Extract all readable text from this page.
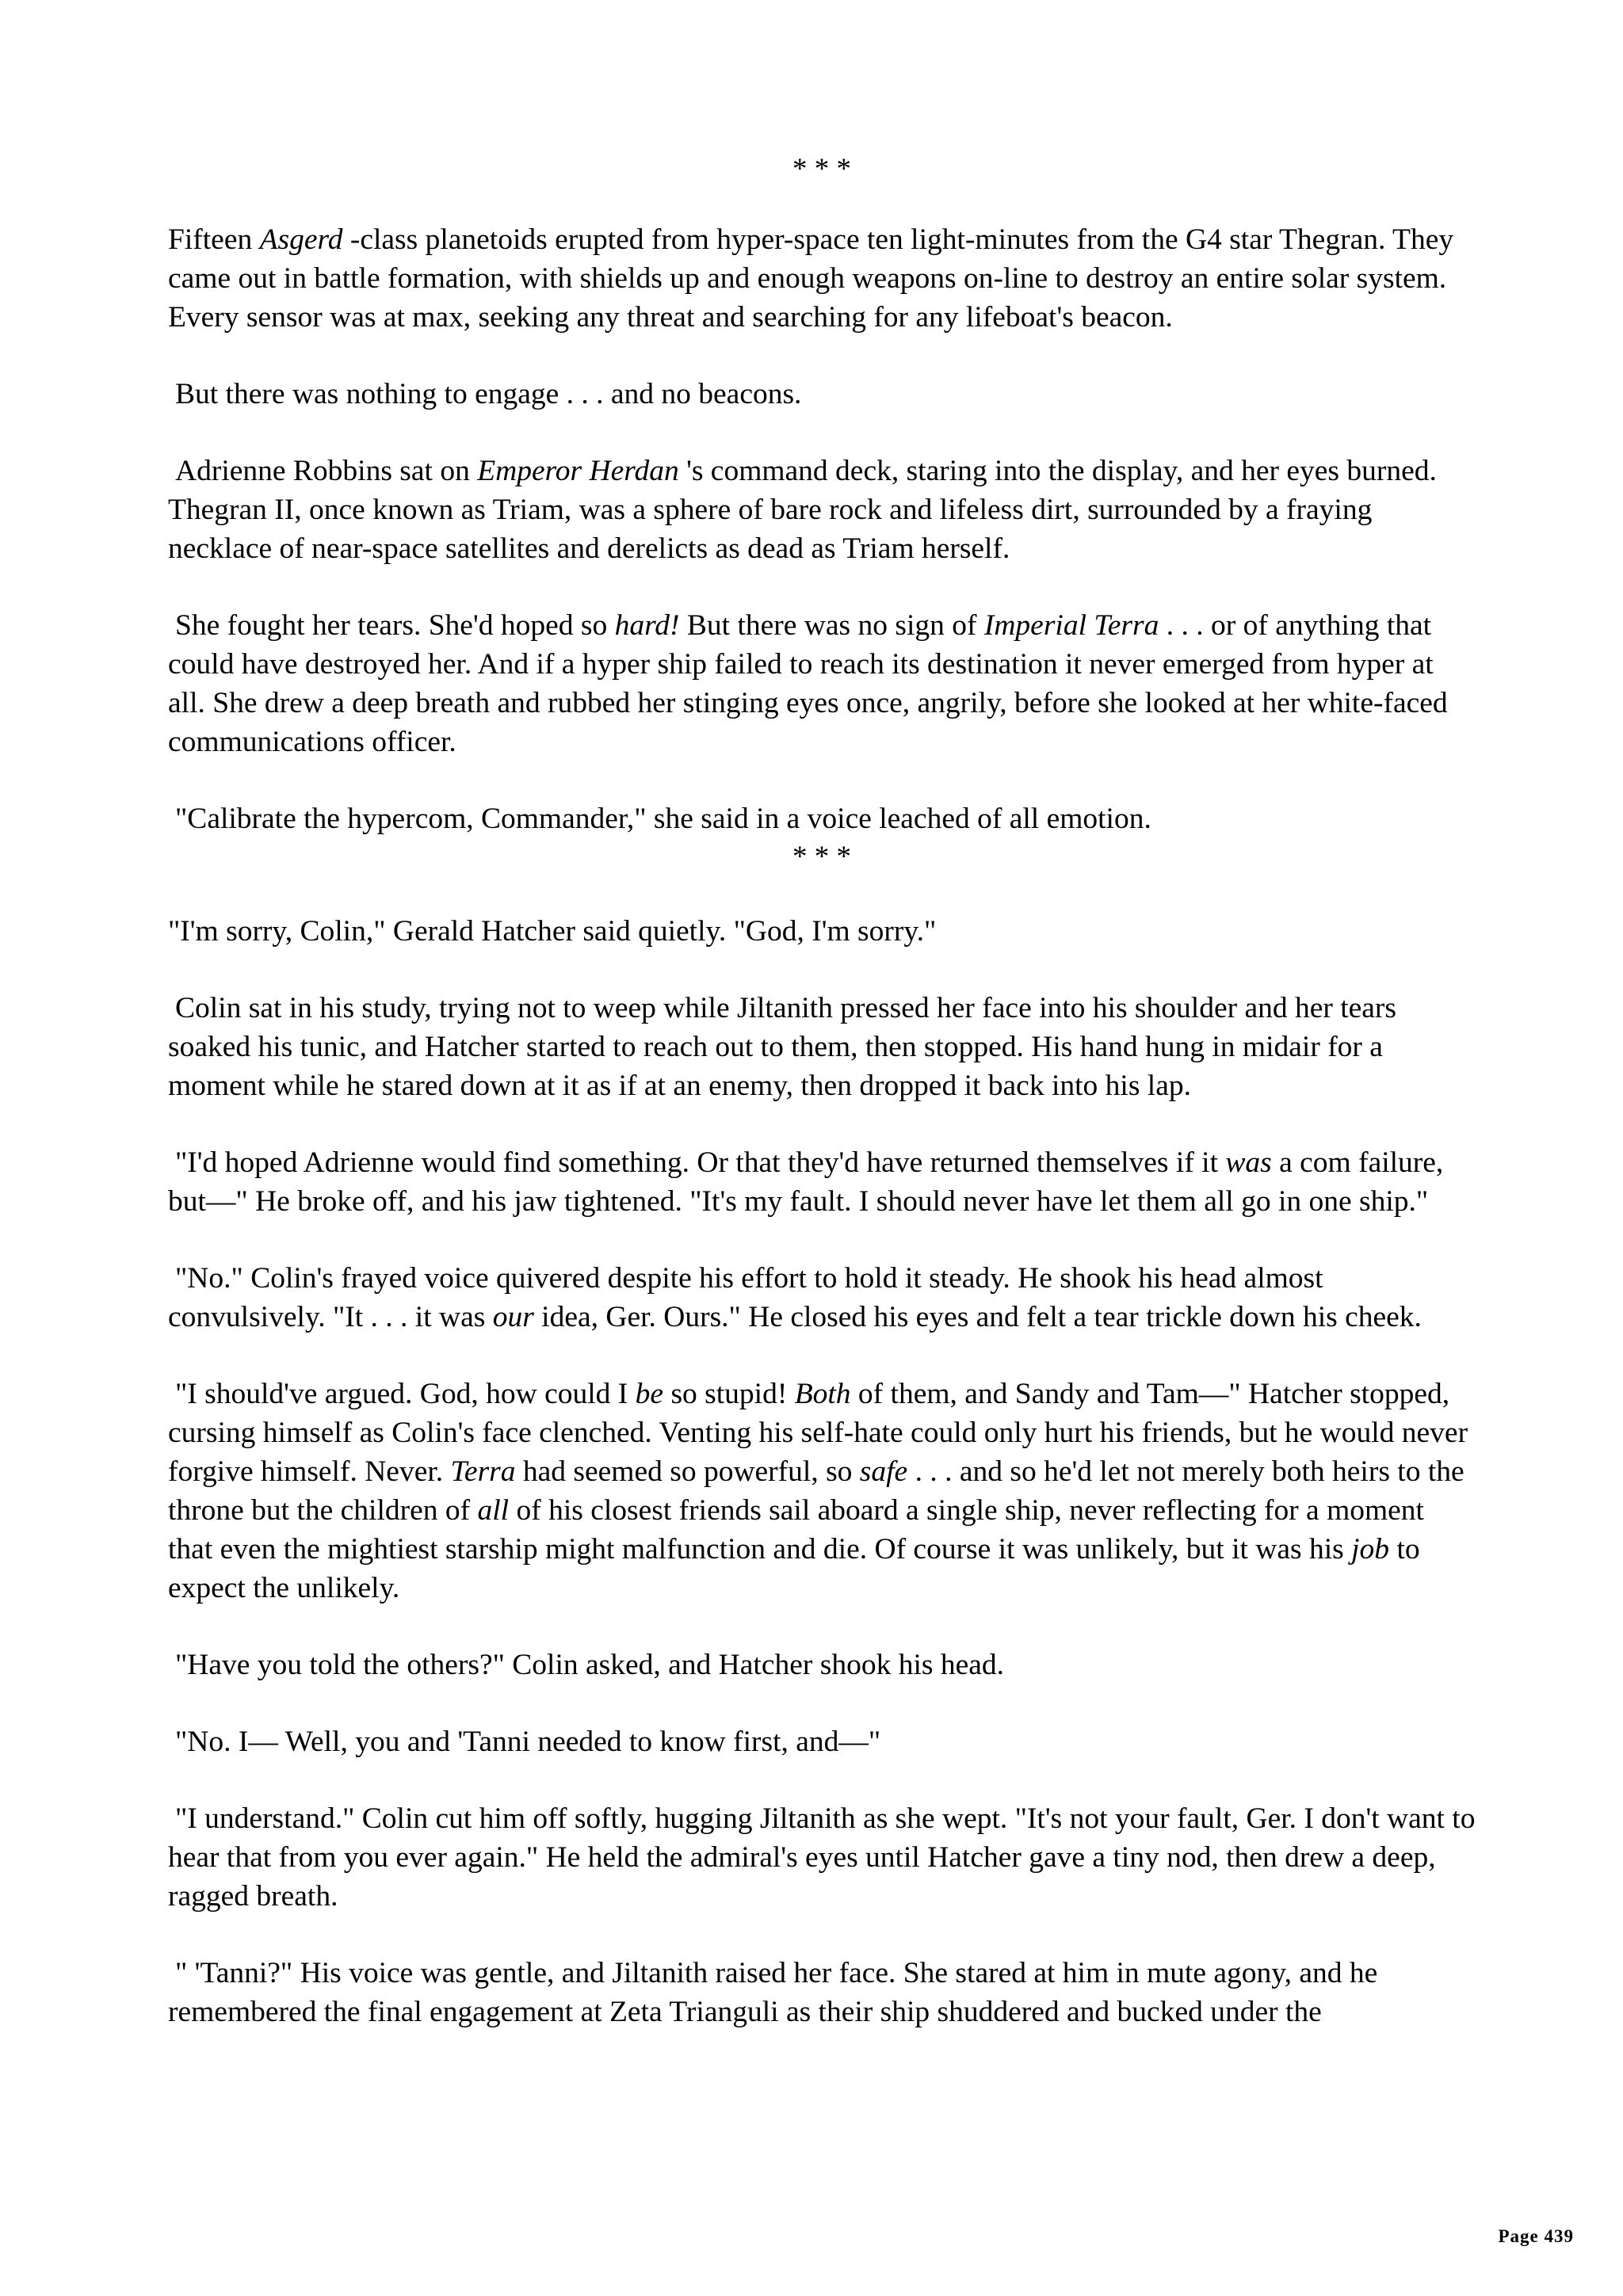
* * *

Fifteen Asgerd -class planetoids erupted from hyper-space ten light-minutes from the G4 star Thegran. They came out in battle formation, with shields up and enough weapons on-line to destroy an entire solar system. Every sensor was at max, seeking any threat and searching for any lifeboat's beacon.

But there was nothing to engage . . . and no beacons.

Adrienne Robbins sat on Emperor Herdan 's command deck, staring into the display, and her eyes burned. Thegran II, once known as Triam, was a sphere of bare rock and lifeless dirt, surrounded by a fraying necklace of near-space satellites and derelicts as dead as Triam herself.

She fought her tears. She'd hoped so hard! But there was no sign of Imperial Terra . . . or of anything that could have destroyed her. And if a hyper ship failed to reach its destination it never emerged from hyper at all. She drew a deep breath and rubbed her stinging eyes once, angrily, before she looked at her white-faced communications officer.

"Calibrate the hypercom, Commander," she said in a voice leached of all emotion.

* * *

"I'm sorry, Colin," Gerald Hatcher said quietly. "God, I'm sorry."

Colin sat in his study, trying not to weep while Jiltanith pressed her face into his shoulder and her tears soaked his tunic, and Hatcher started to reach out to them, then stopped. His hand hung in midair for a moment while he stared down at it as if at an enemy, then dropped it back into his lap.

"I'd hoped Adrienne would find something. Or that they'd have returned themselves if it was a com failure, but—" He broke off, and his jaw tightened. "It's my fault. I should never have let them all go in one ship."

"No." Colin's frayed voice quivered despite his effort to hold it steady. He shook his head almost convulsively. "It . . . it was our idea, Ger. Ours." He closed his eyes and felt a tear trickle down his cheek.

"I should've argued. God, how could I be so stupid! Both of them, and Sandy and Tam—" Hatcher stopped, cursing himself as Colin's face clenched. Venting his self-hate could only hurt his friends, but he would never forgive himself. Never. Terra had seemed so powerful, so safe . . . and so he'd let not merely both heirs to the throne but the children of all of his closest friends sail aboard a single ship, never reflecting for a moment that even the mightiest starship might malfunction and die. Of course it was unlikely, but it was his job to expect the unlikely.

"Have you told the others?" Colin asked, and Hatcher shook his head.

"No. I— Well, you and 'Tanni needed to know first, and—"

"I understand." Colin cut him off softly, hugging Jiltanith as she wept. "It's not your fault, Ger. I don't want to hear that from you ever again." He held the admiral's eyes until Hatcher gave a tiny nod, then drew a deep, ragged breath.

" 'Tanni?" His voice was gentle, and Jiltanith raised her face. She stared at him in mute agony, and he remembered the final engagement at Zeta Trianguli as their ship shuddered and bucked under the

Page 439
